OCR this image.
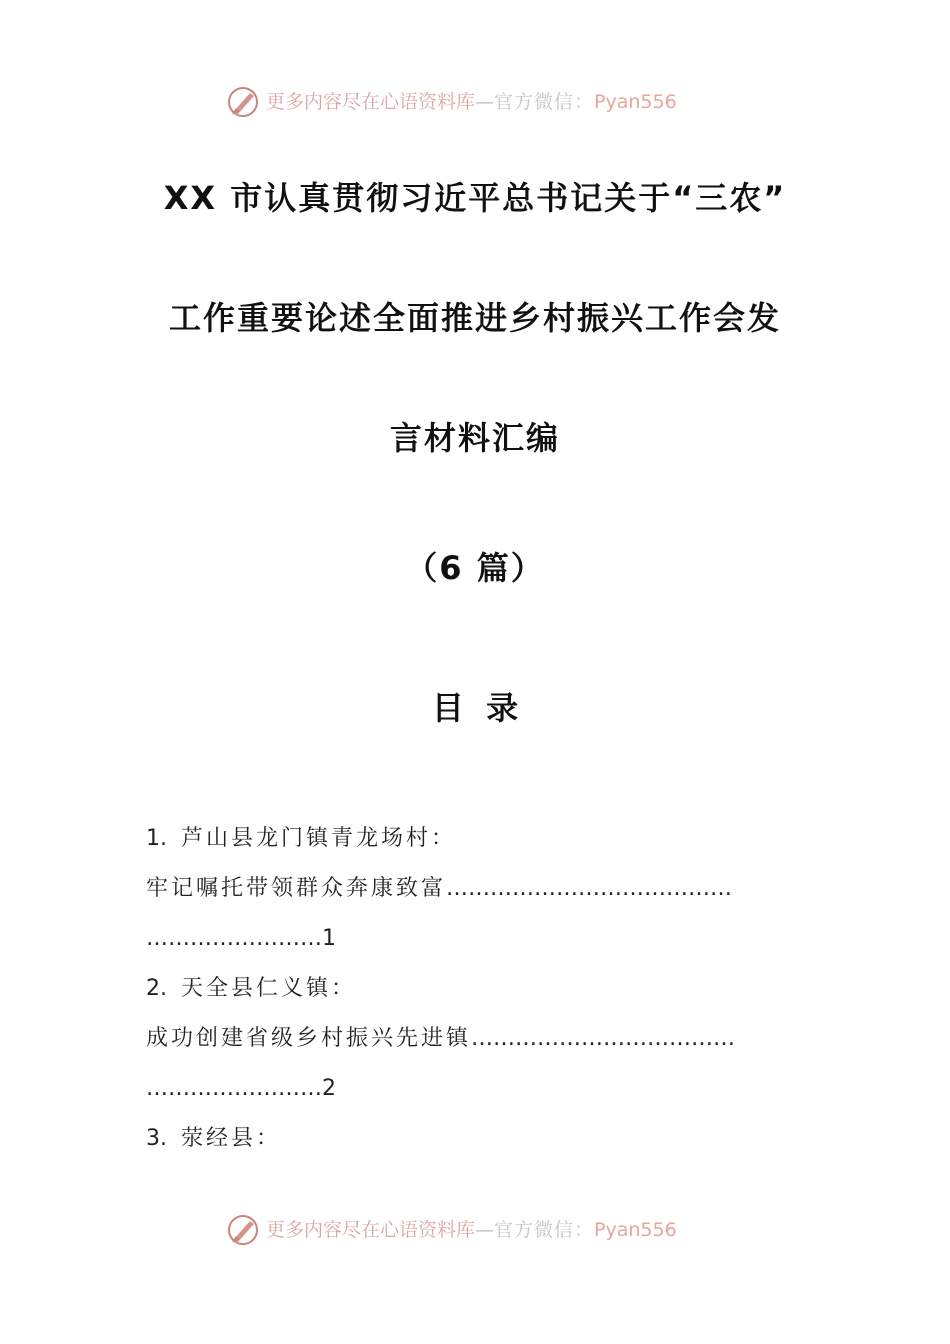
更多内容尽在心语资料库—官方微信：Pyan556
XX 市认真贯彻习近平总书记关于“三农”
工作重要论述全面推进乡村振兴工作会发
言材料汇编
（6 篇）
目  录
1. 芦山县龙门镇青龙场村：
牢记嘱托带领群众奔康致富…………………………………
……………………1
2. 天全县仁义镇：
成功创建省级乡村振兴先进镇………………………………
……………………2
3. 荥经县：
更多内容尽在心语资料库—官方微信：Pyan556
